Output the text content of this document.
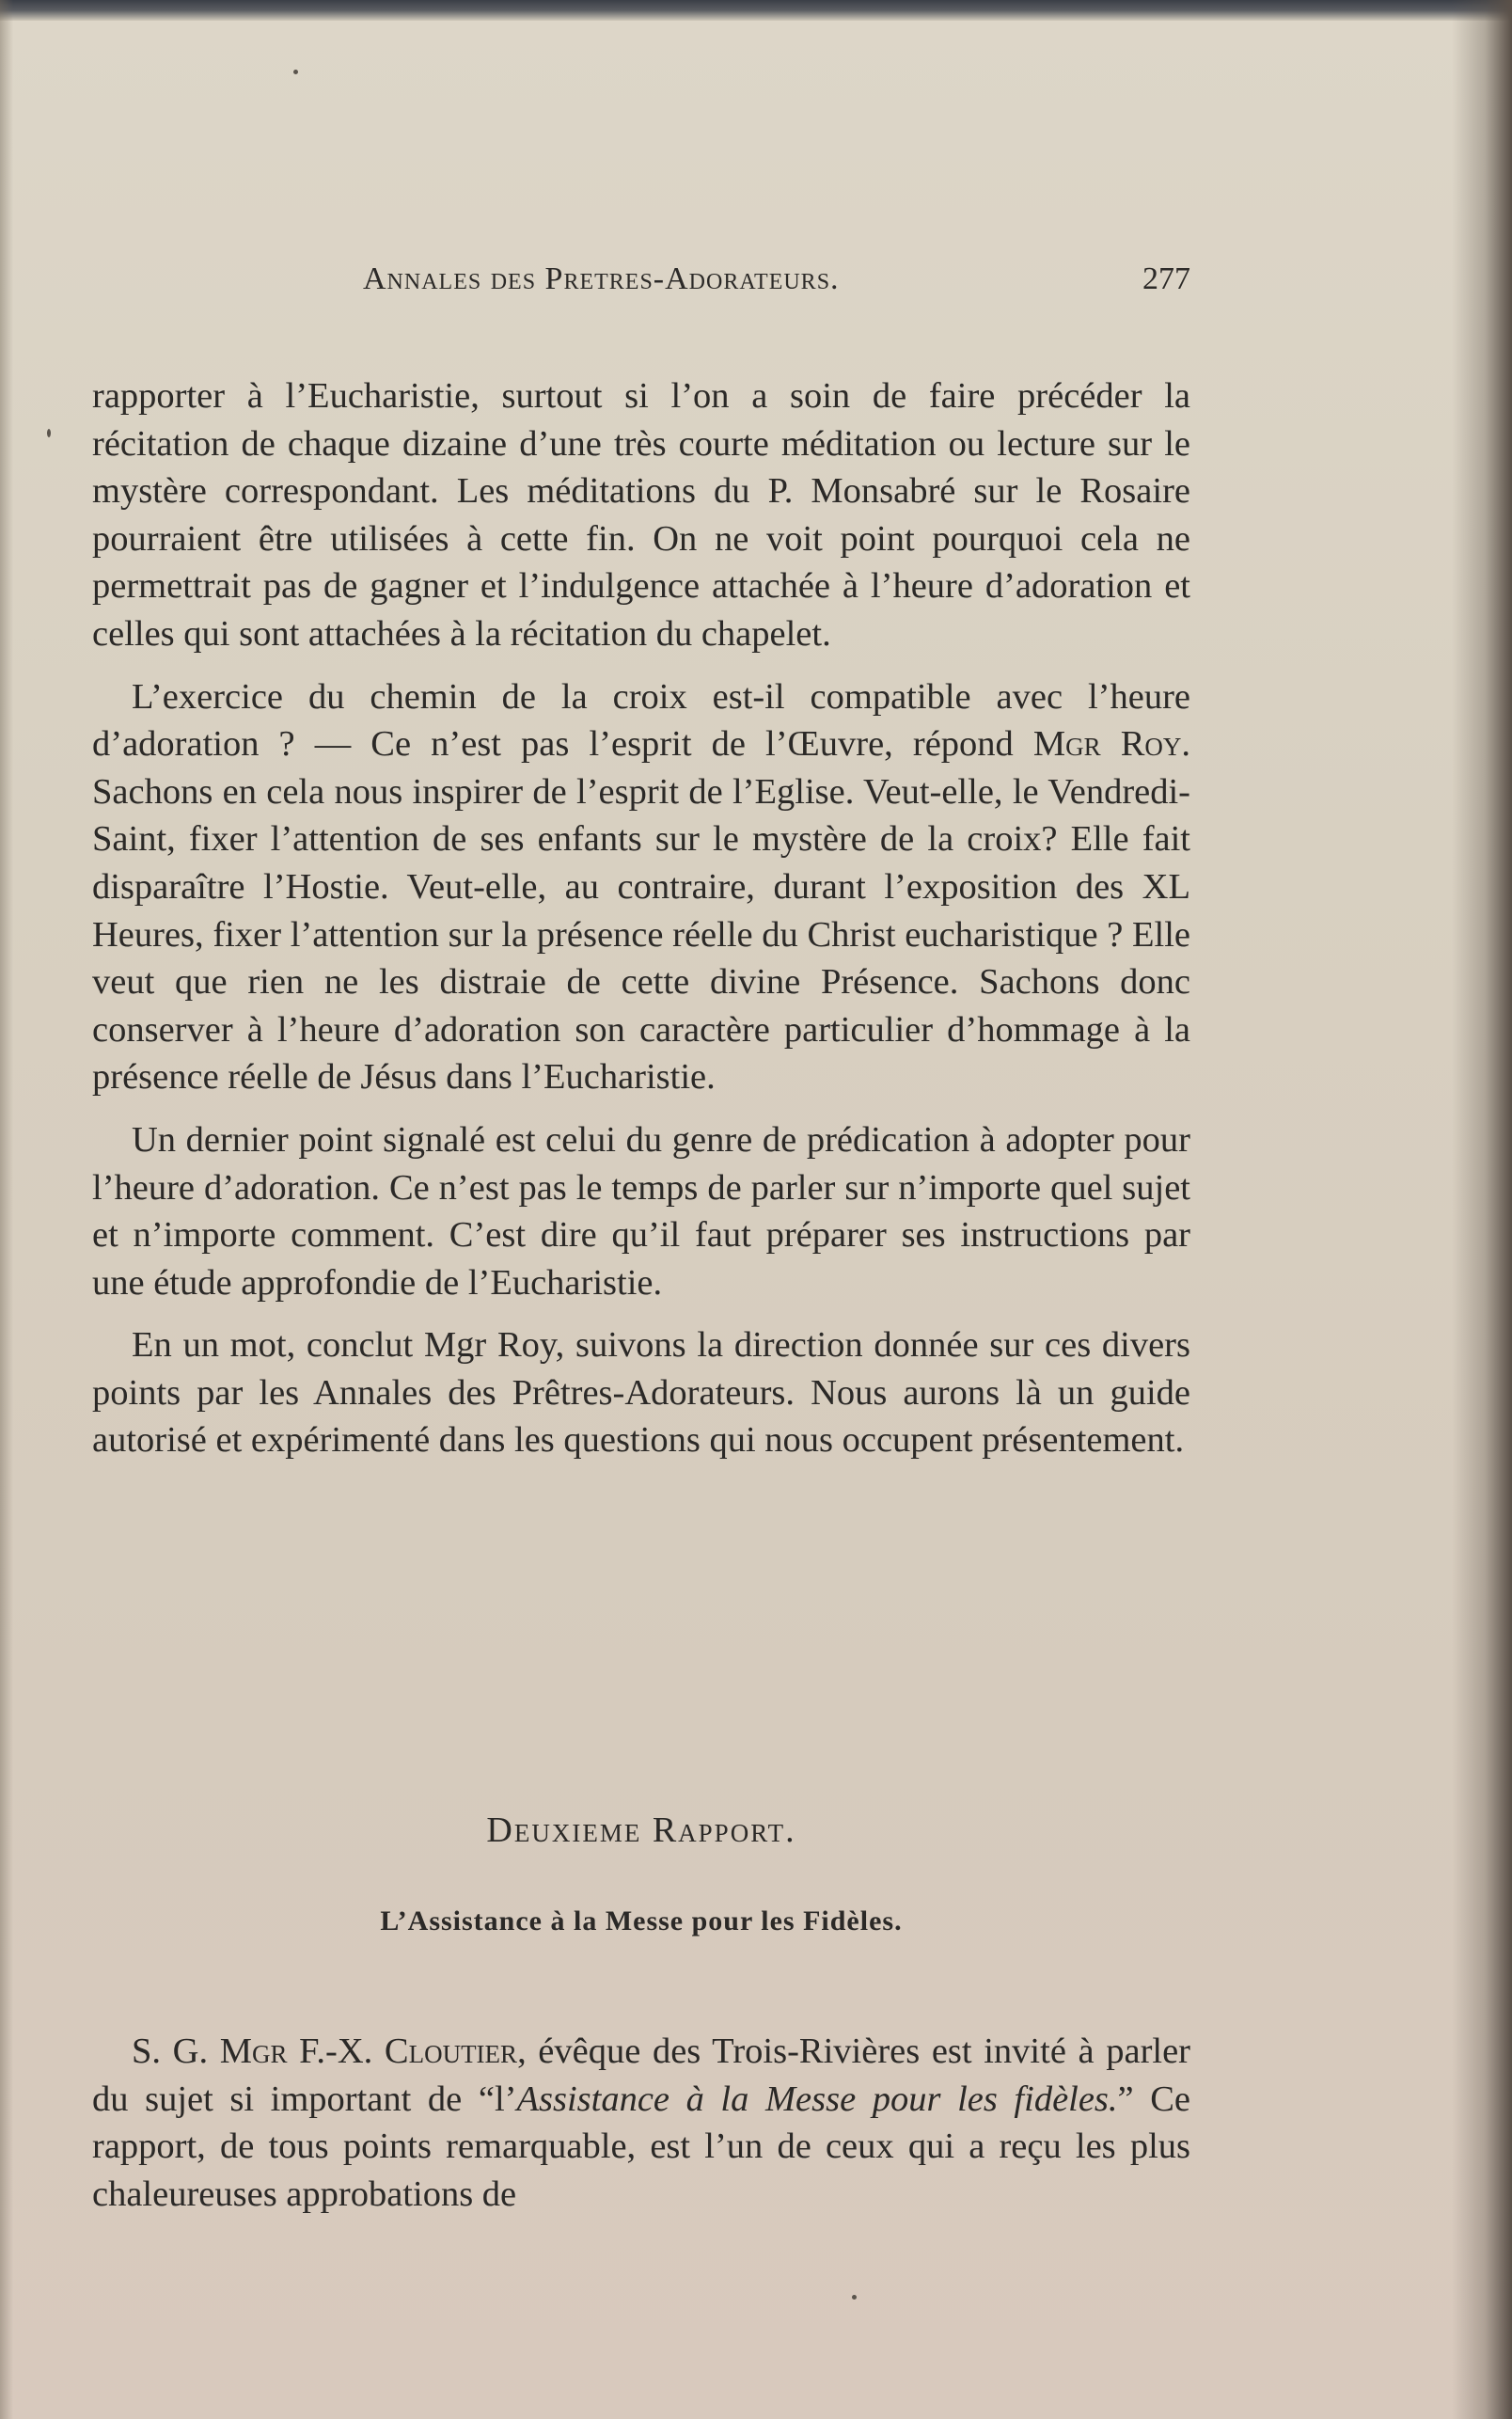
Annales des Pretres-Adorateurs.	277

rapporter à l’Eucharistie, surtout si l’on a soin de faire précéder la récitation de chaque dizaine d’une très courte méditation ou lecture sur le mystère correspondant. Les méditations du P. Monsabré sur le Rosaire pourraient être utilisées à cette fin. On ne voit point pourquoi cela ne permettrait pas de gagner et l’indulgence attachée à l’heure d’adoration et celles qui sont attachées à la récitation du chapelet.

L’exercice du chemin de la croix est-il compatible avec l’heure d’adoration ? — Ce n’est pas l’esprit de l’Œuvre, répond Mgr Roy. Sachons en cela nous inspirer de l’esprit de l’Eglise. Veut-elle, le Vendredi-Saint, fixer l’attention de ses enfants sur le mystère de la croix? Elle fait disparaître l’Hostie. Veut-elle, au contraire, durant l’exposition des XL Heures, fixer l’attention sur la présence réelle du Christ eucharistique ? Elle veut que rien ne les distraie de cette divine Présence. Sachons donc conserver à l’heure d’adoration son caractère particulier d’hommage à la présence réelle de Jésus dans l’Eucharistie.

Un dernier point signalé est celui du genre de prédication à adopter pour l’heure d’adoration. Ce n’est pas le temps de parler sur n’importe quel sujet et n’importe comment. C’est dire qu’il faut préparer ses instructions par une étude approfondie de l’Eucharistie.

En un mot, conclut Mgr Roy, suivons la direction donnée sur ces divers points par les Annales des Prêtres-Adorateurs. Nous aurons là un guide autorisé et expérimenté dans les questions qui nous occupent présentement.

Deuxieme Rapport.
L’Assistance à la Messe pour les Fidèles.

S. G. Mgr F.-X. Cloutier, évêque des Trois-Rivières est invité à parler du sujet si important de “l’Assistance à la Messe pour les fidèles.” Ce rapport, de tous points remarquable, est l’un de ceux qui a reçu les plus chaleureuses approbations de
